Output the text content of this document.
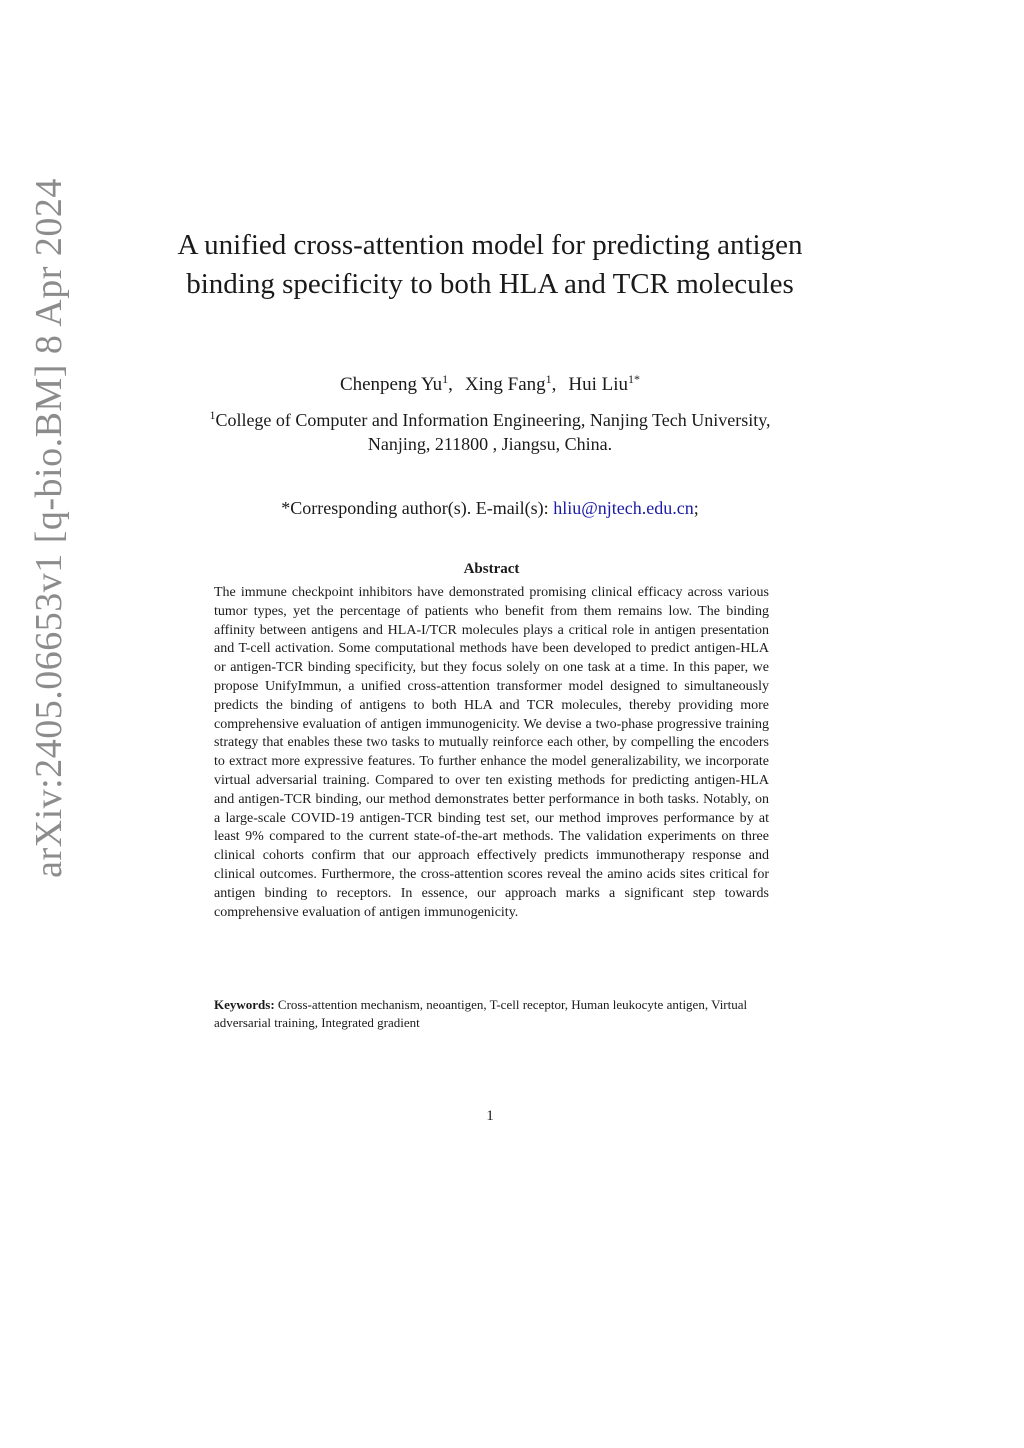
arXiv:2405.06653v1 [q-bio.BM] 8 Apr 2024	A unified cross-attention model for predicting antigen binding specificity to both HLA and TCR molecules
Chenpeng Yu$^1$, Xing Fang$^1$, Hui Liu$^{1*}$
$^1$College of Computer and Information Engineering, Nanjing Tech University, Nanjing, 211800 , Jiangsu, China.
*Corresponding author(s). E-mail(s): hliu@njtech.edu.cn;
Abstract

The immune checkpoint inhibitors have demonstrated promising clinical efficacy across various tumor types, yet the percentage of patients who benefit from them remains low. The binding affinity between antigens and HLA-I/TCR molecules plays a critical role in antigen presentation and T-cell activation. Some computational methods have been developed to predict antigen-HLA or antigen-TCR binding specificity, but they focus solely on one task at a time. In this paper, we propose UnifyImmun, a unified cross-attention transformer model designed to simultaneously predicts the binding of antigens to both HLA and TCR molecules, thereby providing more comprehensive evaluation of antigen immunogenicity. We devise a two-phase progressive training strategy that enables these two tasks to mutually reinforce each other, by compelling the encoders to extract more expressive features. To further enhance the model generalizability, we incorporate virtual adversarial training. Compared to over ten existing methods for predicting antigen-HLA and antigen-TCR binding, our method demonstrates better performance in both tasks. Notably, on a large-scale COVID-19 antigen-TCR binding test set, our method improves performance by at least 9% compared to the current state-of-the-art methods. The validation experiments on three clinical cohorts confirm that our approach effectively predicts immunotherapy response and clinical outcomes. Furthermore, the cross-attention scores reveal the amino acids sites critical for antigen binding to receptors. In essence, our approach marks a significant step towards comprehensive evaluation of antigen immunogenicity.

Keywords: Cross-attention mechanism, neoantigen, T-cell receptor, Human leukocyte antigen, Virtual adversarial training, Integrated gradient

1
